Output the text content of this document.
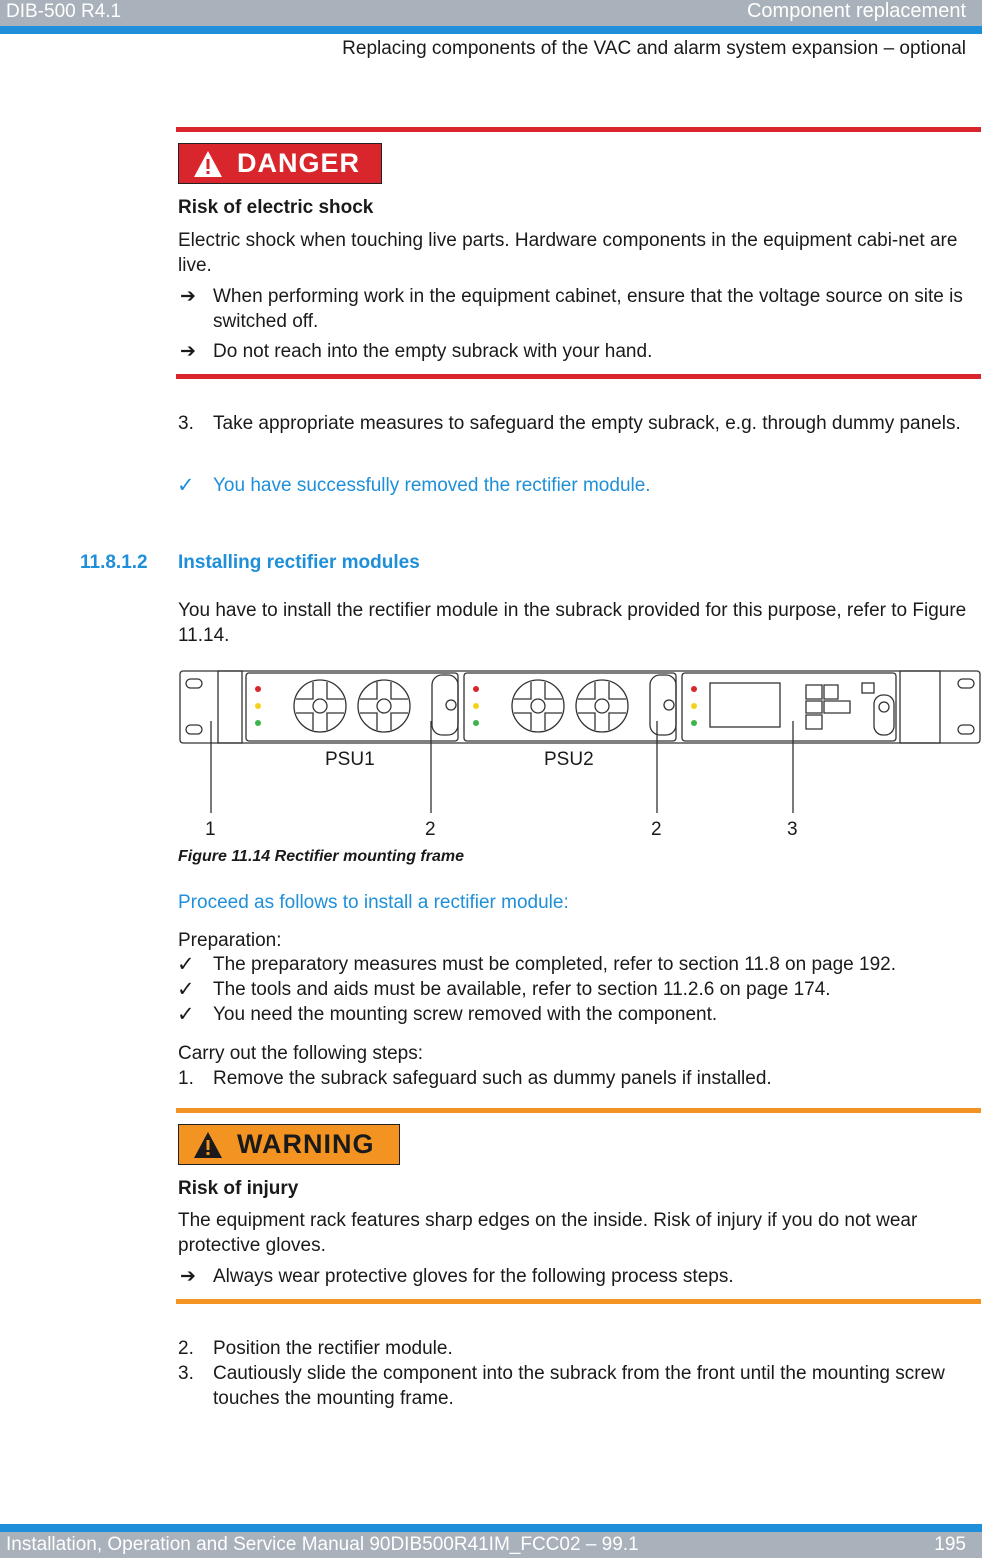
DIB-500 R4.1	Component replacement
Replacing components of the VAC and alarm system expansion – optional
DANGER
Risk of electric shock
Electric shock when touching live parts. Hardware components in the equipment cabi-net are live.
➔ When performing work in the equipment cabinet, ensure that the voltage source on site is switched off.
➔ Do not reach into the empty subrack with your hand.
3. Take appropriate measures to safeguard the empty subrack, e.g. through dummy panels.
✓ You have successfully removed the rectifier module.
11.8.1.2 Installing rectifier modules
You have to install the rectifier module in the subrack provided for this purpose, refer to Figure 11.14.
PSU1	PSU2
1	2	2	3
Figure 11.14 Rectifier mounting frame
Proceed as follows to install a rectifier module:
Preparation:
✓ The preparatory measures must be completed, refer to section 11.8 on page 192.
✓ The tools and aids must be available, refer to section 11.2.6 on page 174.
✓ You need the mounting screw removed with the component.
Carry out the following steps:
1. Remove the subrack safeguard such as dummy panels if installed.
WARNING
Risk of injury
The equipment rack features sharp edges on the inside. Risk of injury if you do not wear protective gloves.
➔ Always wear protective gloves for the following process steps.
2. Position the rectifier module.
3. Cautiously slide the component into the subrack from the front until the mounting screw touches the mounting frame.
Installation, Operation and Service Manual 90DIB500R41IM_FCC02 – 99.1	195
